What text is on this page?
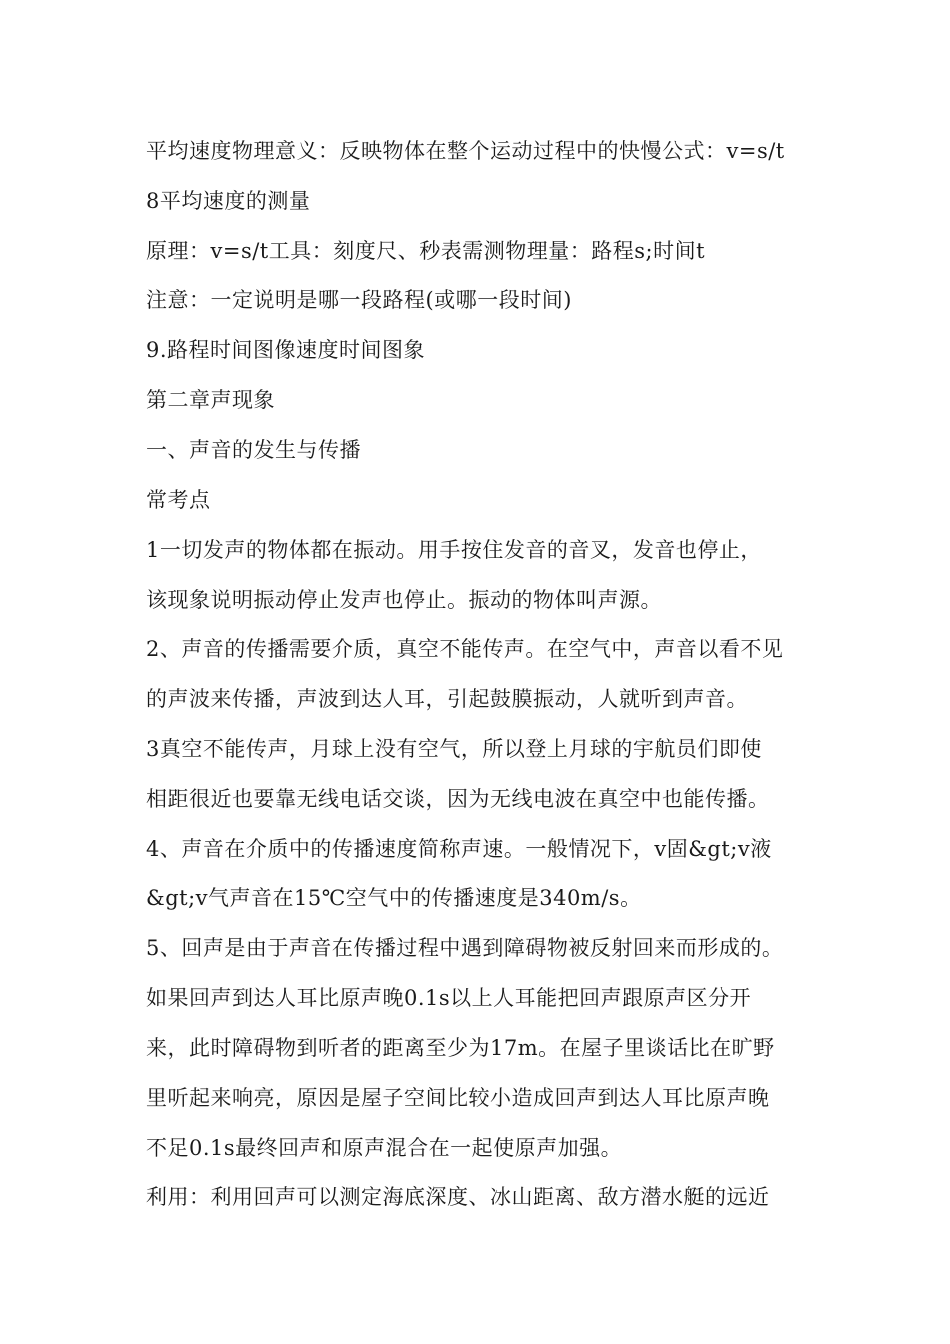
平均速度物理意义：反映物体在整个运动过程中的快慢公式：v=s/t
8平均速度的测量
原理：v=s/t工具：刻度尺、秒表需测物理量：路程s;时间t
注意：一定说明是哪一段路程(或哪一段时间)
9.路程时间图像速度时间图象
第二章声现象
一、声音的发生与传播
常考点
1一切发声的物体都在振动。用手按住发音的音叉，发音也停止，
该现象说明振动停止发声也停止。振动的物体叫声源。
2、声音的传播需要介质，真空不能传声。在空气中，声音以看不见
的声波来传播，声波到达人耳，引起鼓膜振动，人就听到声音。
3真空不能传声，月球上没有空气，所以登上月球的宇航员们即使
相距很近也要靠无线电话交谈，因为无线电波在真空中也能传播。
4、声音在介质中的传播速度简称声速。一般情况下，v固&gt;v液
&gt;v气声音在15℃空气中的传播速度是340m/s。
5、回声是由于声音在传播过程中遇到障碍物被反射回来而形成的。
如果回声到达人耳比原声晚0.1s以上人耳能把回声跟原声区分开
来，此时障碍物到听者的距离至少为17m。在屋子里谈话比在旷野
里听起来响亮，原因是屋子空间比较小造成回声到达人耳比原声晚
不足0.1s最终回声和原声混合在一起使原声加强。
利用：利用回声可以测定海底深度、冰山距离、敌方潜水艇的远近
